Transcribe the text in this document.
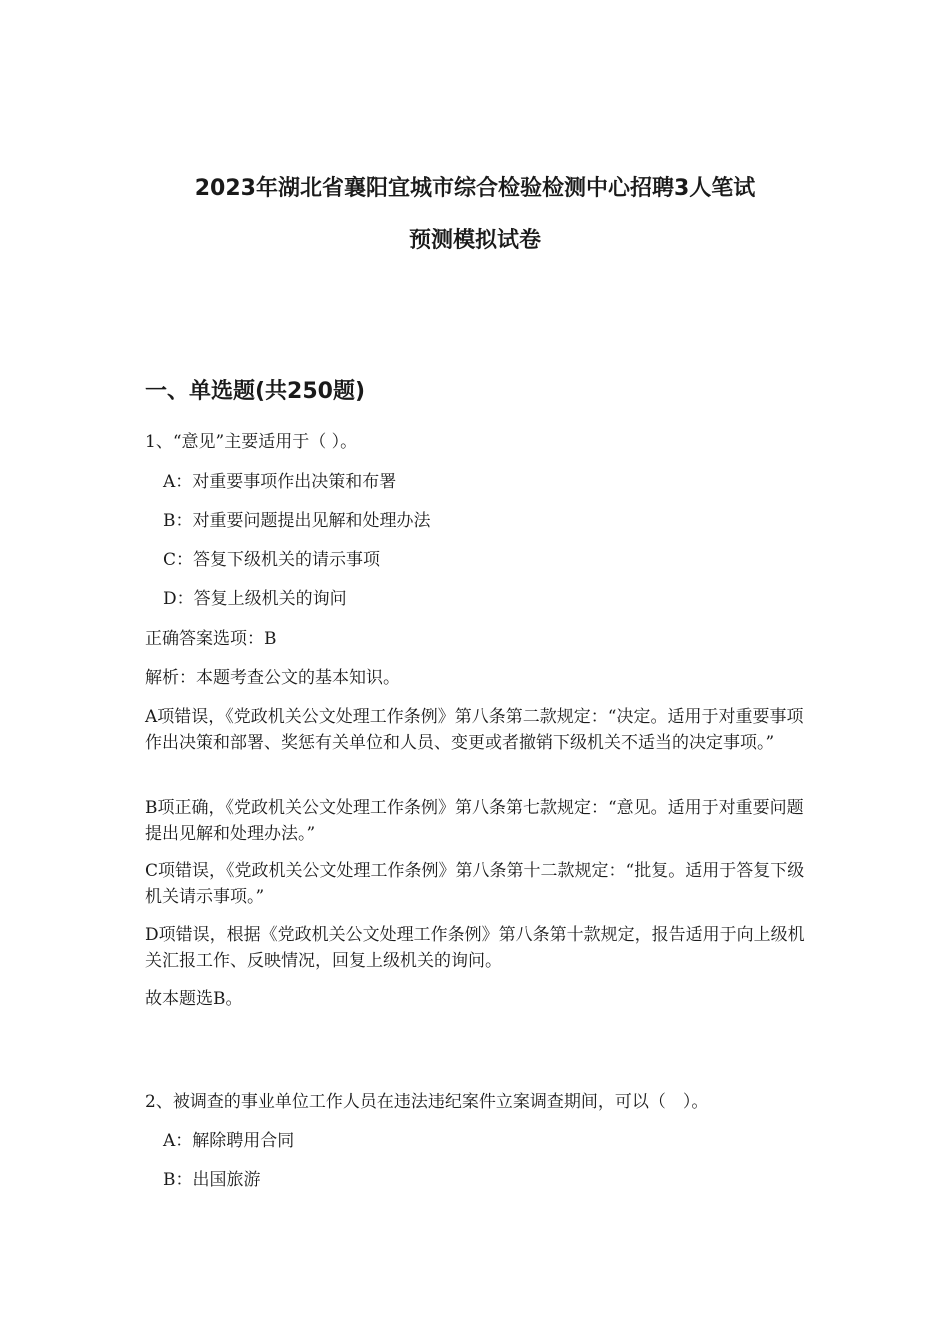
2023年湖北省襄阳宜城市综合检验检测中心招聘3人笔试
预测模拟试卷
一、单选题(共250题)

1、“意见”主要适用于（ ）。

A：对重要事项作出决策和布署

B：对重要问题提出见解和处理办法

C：答复下级机关的请示事项

D：答复上级机关的询问

正确答案选项：B

解析：本题考查公文的基本知识。

A项错误，《党政机关公文处理工作条例》第八条第二款规定：“决定。适用于对重要事项作出决策和部署、奖惩有关单位和人员、变更或者撤销下级机关不适当的决定事项。”

B项正确，《党政机关公文处理工作条例》第八条第七款规定：“意见。适用于对重要问题提出见解和处理办法。”

C项错误，《党政机关公文处理工作条例》第八条第十二款规定：“批复。适用于答复下级机关请示事项。”

D项错误，根据《党政机关公文处理工作条例》第八条第十款规定，报告适用于向上级机关汇报工作、反映情况，回复上级机关的询问。

故本题选B。

2、被调查的事业单位工作人员在违法违纪案件立案调查期间，可以（　）。

A：解除聘用合同

B：出国旅游
